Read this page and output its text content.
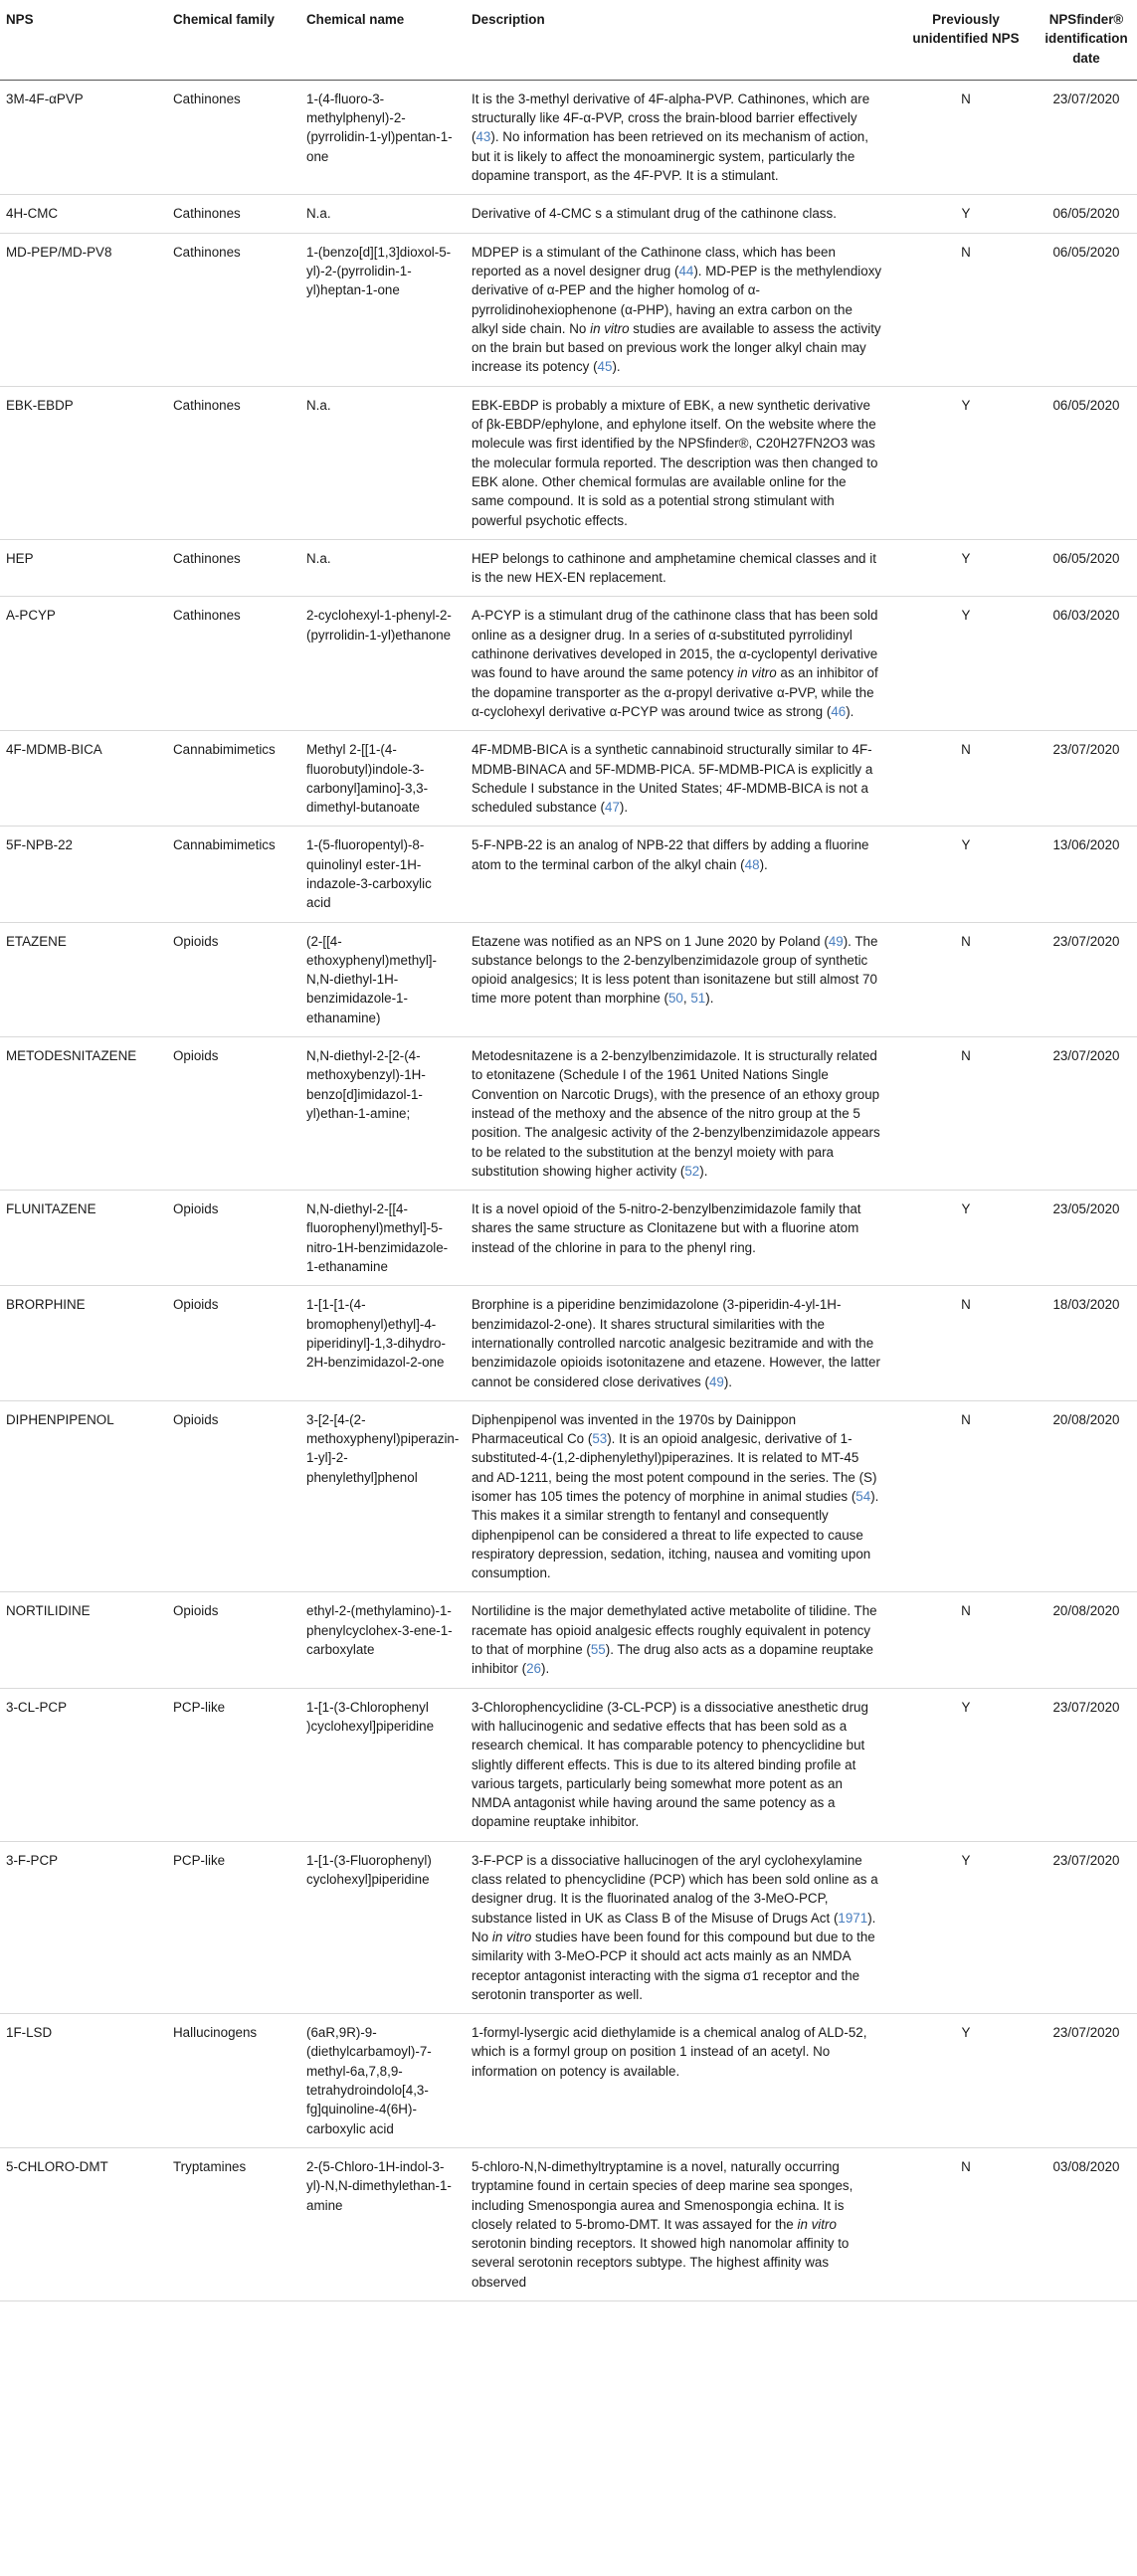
NPS	Chemical family	Chemical name	Description	Previously unidentified NPS	NPSfinder® identification date
3M-4F-αPVP	Cathinones	1-(4-fluoro-3-methylphenyl)-2-(pyrrolidin-1-yl)pentan-1-one	It is the 3-methyl derivative of 4F-alpha-PVP. Cathinones, which are structurally like 4F-α-PVP, cross the brain-blood barrier effectively (43). No information has been retrieved on its mechanism of action, but it is likely to affect the monoaminergic system, particularly the dopamine transport, as the 4F-PVP. It is a stimulant.	N	23/07/2020
4H-CMC	Cathinones	N.a.	Derivative of 4-CMC s a stimulant drug of the cathinone class.	Y	06/05/2020
MD-PEP/MD-PV8	Cathinones	1-(benzo[d][1,3]dioxol-5-yl)-2-(pyrrolidin-1-yl)heptan-1-one	MDPEP is a stimulant of the Cathinone class, which has been reported as a novel designer drug (44). MD-PEP is the methylendioxy derivative of α-PEP and the higher homolog of α-pyrrolidinohexiophenone (α-PHP), having an extra carbon on the alkyl side chain. No in vitro studies are available to assess the activity on the brain but based on previous work the longer alkyl chain may increase its potency (45).	N	06/05/2020
EBK-EBDP	Cathinones	N.a.	EBK-EBDP is probably a mixture of EBK, a new synthetic derivative of βk-EBDP/ephylone, and ephylone itself. On the website where the molecule was first identified by the NPSfinder®, C20H27FN2O3 was the molecular formula reported. The description was then changed to EBK alone. Other chemical formulas are available online for the same compound. It is sold as a potential strong stimulant with powerful psychotic effects.	Y	06/05/2020
HEP	Cathinones	N.a.	HEP belongs to cathinone and amphetamine chemical classes and it is the new HEX-EN replacement.	Y	06/05/2020
A-PCYP	Cathinones	2-cyclohexyl-1-phenyl-2-(pyrrolidin-1-yl)ethanone	A-PCYP is a stimulant drug of the cathinone class that has been sold online as a designer drug. In a series of α-substituted pyrrolidinyl cathinone derivatives developed in 2015, the α-cyclopentyl derivative was found to have around the same potency in vitro as an inhibitor of the dopamine transporter as the α-propyl derivative α-PVP, while the α-cyclohexyl derivative α-PCYP was around twice as strong (46).	Y	06/03/2020
4F-MDMB-BICA	Cannabimimetics	Methyl 2-[[1-(4-fluorobutyl)indole-3-carbonyl]amino]-3,3-dimethyl-butanoate	4F-MDMB-BICA is a synthetic cannabinoid structurally similar to 4F-MDMB-BINACA and 5F-MDMB-PICA. 5F-MDMB-PICA is explicitly a Schedule I substance in the United States; 4F-MDMB-BICA is not a scheduled substance (47).	N	23/07/2020
5F-NPB-22	Cannabimimetics	1-(5-fluoropentyl)-8-quinolinyl ester-1H-indazole-3-carboxylic acid	5-F-NPB-22 is an analog of NPB-22 that differs by adding a fluorine atom to the terminal carbon of the alkyl chain (48).	Y	13/06/2020
ETAZENE	Opioids	(2-[[4-ethoxyphenyl)methyl]-N,N-diethyl-1H-benzimidazole-1-ethanamine)	Etazene was notified as an NPS on 1 June 2020 by Poland (49). The substance belongs to the 2-benzylbenzimidazole group of synthetic opioid analgesics; It is less potent than isonitazene but still almost 70 time more potent than morphine (50, 51).	N	23/07/2020
METODESNITAZENE	Opioids	N,N-diethyl-2-[2-(4-methoxybenzyl)-1H-benzo[d]imidazol-1-yl)ethan-1-amine;	Metodesnitazene is a 2-benzylbenzimidazole. It is structurally related to etonitazene (Schedule I of the 1961 United Nations Single Convention on Narcotic Drugs), with the presence of an ethoxy group instead of the methoxy and the absence of the nitro group at the 5 position. The analgesic activity of the 2-benzylbenzimidazole appears to be related to the substitution at the benzyl moiety with para substitution showing higher activity (52).	N	23/07/2020
FLUNITAZENE	Opioids	N,N-diethyl-2-[[4-fluorophenyl)methyl]-5-nitro-1H-benzimidazole-1-ethanamine	It is a novel opioid of the 5-nitro-2-benzylbenzimidazole family that shares the same structure as Clonitazene but with a fluorine atom instead of the chlorine in para to the phenyl ring.	Y	23/05/2020
BRORPHINE	Opioids	1-[1-[1-(4-bromophenyl)ethyl]-4-piperidinyl]-1,3-dihydro-2H-benzimidazol-2-one	Brorphine is a piperidine benzimidazolone (3-piperidin-4-yl-1H-benzimidazol-2-one). It shares structural similarities with the internationally controlled narcotic analgesic bezitramide and with the benzimidazole opioids isotonitazene and etazene. However, the latter cannot be considered close derivatives (49).	N	18/03/2020
DIPHENPIPENOL	Opioids	3-[2-[4-(2-methoxyphenyl)piperazin-1-yl]-2-phenylethyl]phenol	Diphenpipenol was invented in the 1970s by Dainippon Pharmaceutical Co (53). It is an opioid analgesic, derivative of 1-substituted-4-(1,2-diphenylethyl)piperazines. It is related to MT-45 and AD-1211, being the most potent compound in the series. The (S) isomer has 105 times the potency of morphine in animal studies (54). This makes it a similar strength to fentanyl and consequently diphenpipenol can be considered a threat to life expected to cause respiratory depression, sedation, itching, nausea and vomiting upon consumption.	N	20/08/2020
NORTILIDINE	Opioids	ethyl-2-(methylamino)-1-phenylcyclohex-3-ene-1-carboxylate	Nortilidine is the major demethylated active metabolite of tilidine. The racemate has opioid analgesic effects roughly equivalent in potency to that of morphine (55). The drug also acts as a dopamine reuptake inhibitor (26).	N	20/08/2020
3-CL-PCP	PCP-like	1-[1-(3-Chlorophenyl )cyclohexyl]piperidine	3-Chlorophencyclidine (3-CL-PCP) is a dissociative anesthetic drug with hallucinogenic and sedative effects that has been sold as a research chemical. It has comparable potency to phencyclidine but slightly different effects. This is due to its altered binding profile at various targets, particularly being somewhat more potent as an NMDA antagonist while having around the same potency as a dopamine reuptake inhibitor.	Y	23/07/2020
3-F-PCP	PCP-like	1-[1-(3-Fluorophenyl) cyclohexyl]piperidine	3-F-PCP is a dissociative hallucinogen of the aryl cyclohexylamine class related to phencyclidine (PCP) which has been sold online as a designer drug. It is the fluorinated analog of the 3-MeO-PCP, substance listed in UK as Class B of the Misuse of Drugs Act (1971). No in vitro studies have been found for this compound but due to the similarity with 3-MeO-PCP it should act acts mainly as an NMDA receptor antagonist interacting with the sigma σ1 receptor and the serotonin transporter as well.	Y	23/07/2020
1F-LSD	Hallucinogens	(6aR,9R)-9-(diethylcarbamoyl)-7-methyl-6a,7,8,9-tetrahydroindolo[4,3-fg]quinoline-4(6H)-carboxylic acid	1-formyl-lysergic acid diethylamide is a chemical analog of ALD-52, which is a formyl group on position 1 instead of an acetyl. No information on potency is available.	Y	23/07/2020
5-CHLORO-DMT	Tryptamines	2-(5-Chloro-1H-indol-3-yl)-N,N-dimethylethan-1-amine	5-chloro-N,N-dimethyltryptamine is a novel, naturally occurring tryptamine found in certain species of deep marine sea sponges, including Smenospongia aurea and Smenospongia echina. It is closely related to 5-bromo-DMT. It was assayed for the in vitro serotonin binding receptors. It showed high nanomolar affinity to several serotonin receptors subtype. The highest affinity was observed	N	03/08/2020
